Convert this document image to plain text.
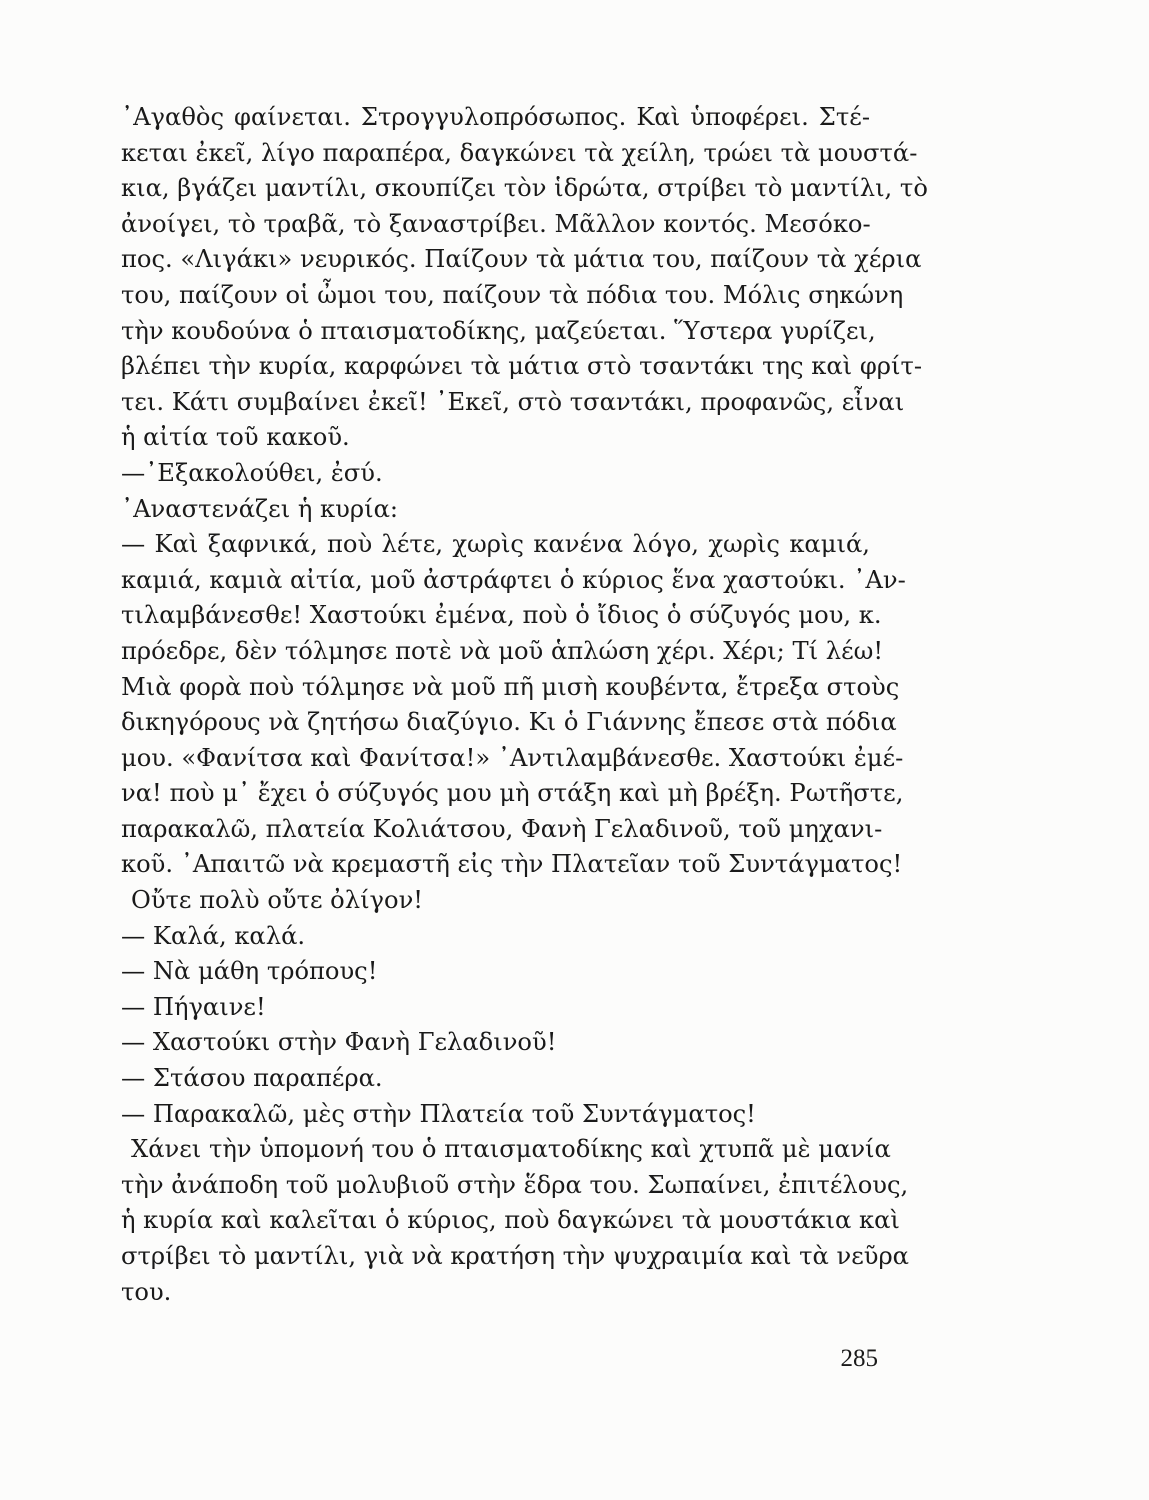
᾿Αγαθὸς φαίνεται. Στρογγυλοπρόσωπος. Καὶ ὑποφέρει. Στέ-
κεται ἐκεῖ, λίγο παραπέρα, δαγκώνει τὰ χείλη, τρώει τὰ μουστά-
κια, βγάζει μαντίλι, σκουπίζει τὸν ἱδρώτα, στρίβει τὸ μαντίλι, τὸ
ἀνοίγει, τὸ τραβᾶ, τὸ ξαναστρίβει. Μᾶλλον κοντός. Μεσόκο-
πος. «Λιγάκι» νευρικός. Παίζουν τὰ μάτια του, παίζουν τὰ χέρια
του, παίζουν οἱ ὦμοι του, παίζουν τὰ πόδια του. Μόλις σηκώνη
τὴν κουδούνα ὁ πταισματοδίκης, μαζεύεται. Ὕστερα γυρίζει,
βλέπει τὴν κυρία, καρφώνει τὰ μάτια στὸ τσαντάκι της καὶ φρίτ-
τει. Κάτι συμβαίνει ἐκεῖ! ᾿Εκεῖ, στὸ τσαντάκι, προφανῶς, εἶναι
ἡ αἰτία τοῦ κακοῦ.
—᾿Εξακολούθει, ἐσύ.
᾿Αναστενάζει ἡ κυρία:
— Καὶ ξαφνικά, ποὺ λέτε, χωρὶς κανένα λόγο, χωρὶς καμιά,
καμιά, καμιὰ αἰτία, μοῦ ἀστράφτει ὁ κύριος ἕνα χαστούκι. ᾿Αν-
τιλαμβάνεσθε! Χαστούκι ἐμένα, ποὺ ὁ ἴδιος ὁ σύζυγός μου, κ.
πρόεδρε, δὲν τόλμησε ποτὲ νὰ μοῦ ἁπλώση χέρι. Χέρι; Τί λέω!
Μιὰ φορὰ ποὺ τόλμησε νὰ μοῦ πῆ μισὴ κουβέντα, ἔτρεξα στοὺς
δικηγόρους νὰ ζητήσω διαζύγιο. Κι ὁ Γιάννης ἔπεσε στὰ πόδια
μου. «Φανίτσα καὶ Φανίτσα!» ᾿Αντιλαμβάνεσθε. Χαστούκι ἐμέ-
να! ποὺ μ᾿ ἔχει ὁ σύζυγός μου μὴ στάξη καὶ μὴ βρέξη. Ρωτῆστε,
παρακαλῶ, πλατεία Κολιάτσου, Φανὴ Γελαδινοῦ, τοῦ μηχανι-
κοῦ. ᾿Απαιτῶ νὰ κρεμαστῆ εἰς τὴν Πλατεῖαν τοῦ Συντάγματος!
Οὔτε πολὺ οὔτε ὀλίγον!
— Καλά, καλά.
— Νὰ μάθη τρόπους!
— Πήγαινε!
— Χαστούκι στὴν Φανὴ Γελαδινοῦ!
— Στάσου παραπέρα.
— Παρακαλῶ, μὲς στὴν Πλατεία τοῦ Συντάγματος!
Χάνει τὴν ὑπομονή του ὁ πταισματοδίκης καὶ χτυπᾶ μὲ μανία
τὴν ἀνάποδη τοῦ μολυβιοῦ στὴν ἕδρα του. Σωπαίνει, ἐπιτέλους,
ἡ κυρία καὶ καλεῖται ὁ κύριος, ποὺ δαγκώνει τὰ μουστάκια καὶ
στρίβει τὸ μαντίλι, γιὰ νὰ κρατήση τὴν ψυχραιμία καὶ τὰ νεῦρα
του.
285
